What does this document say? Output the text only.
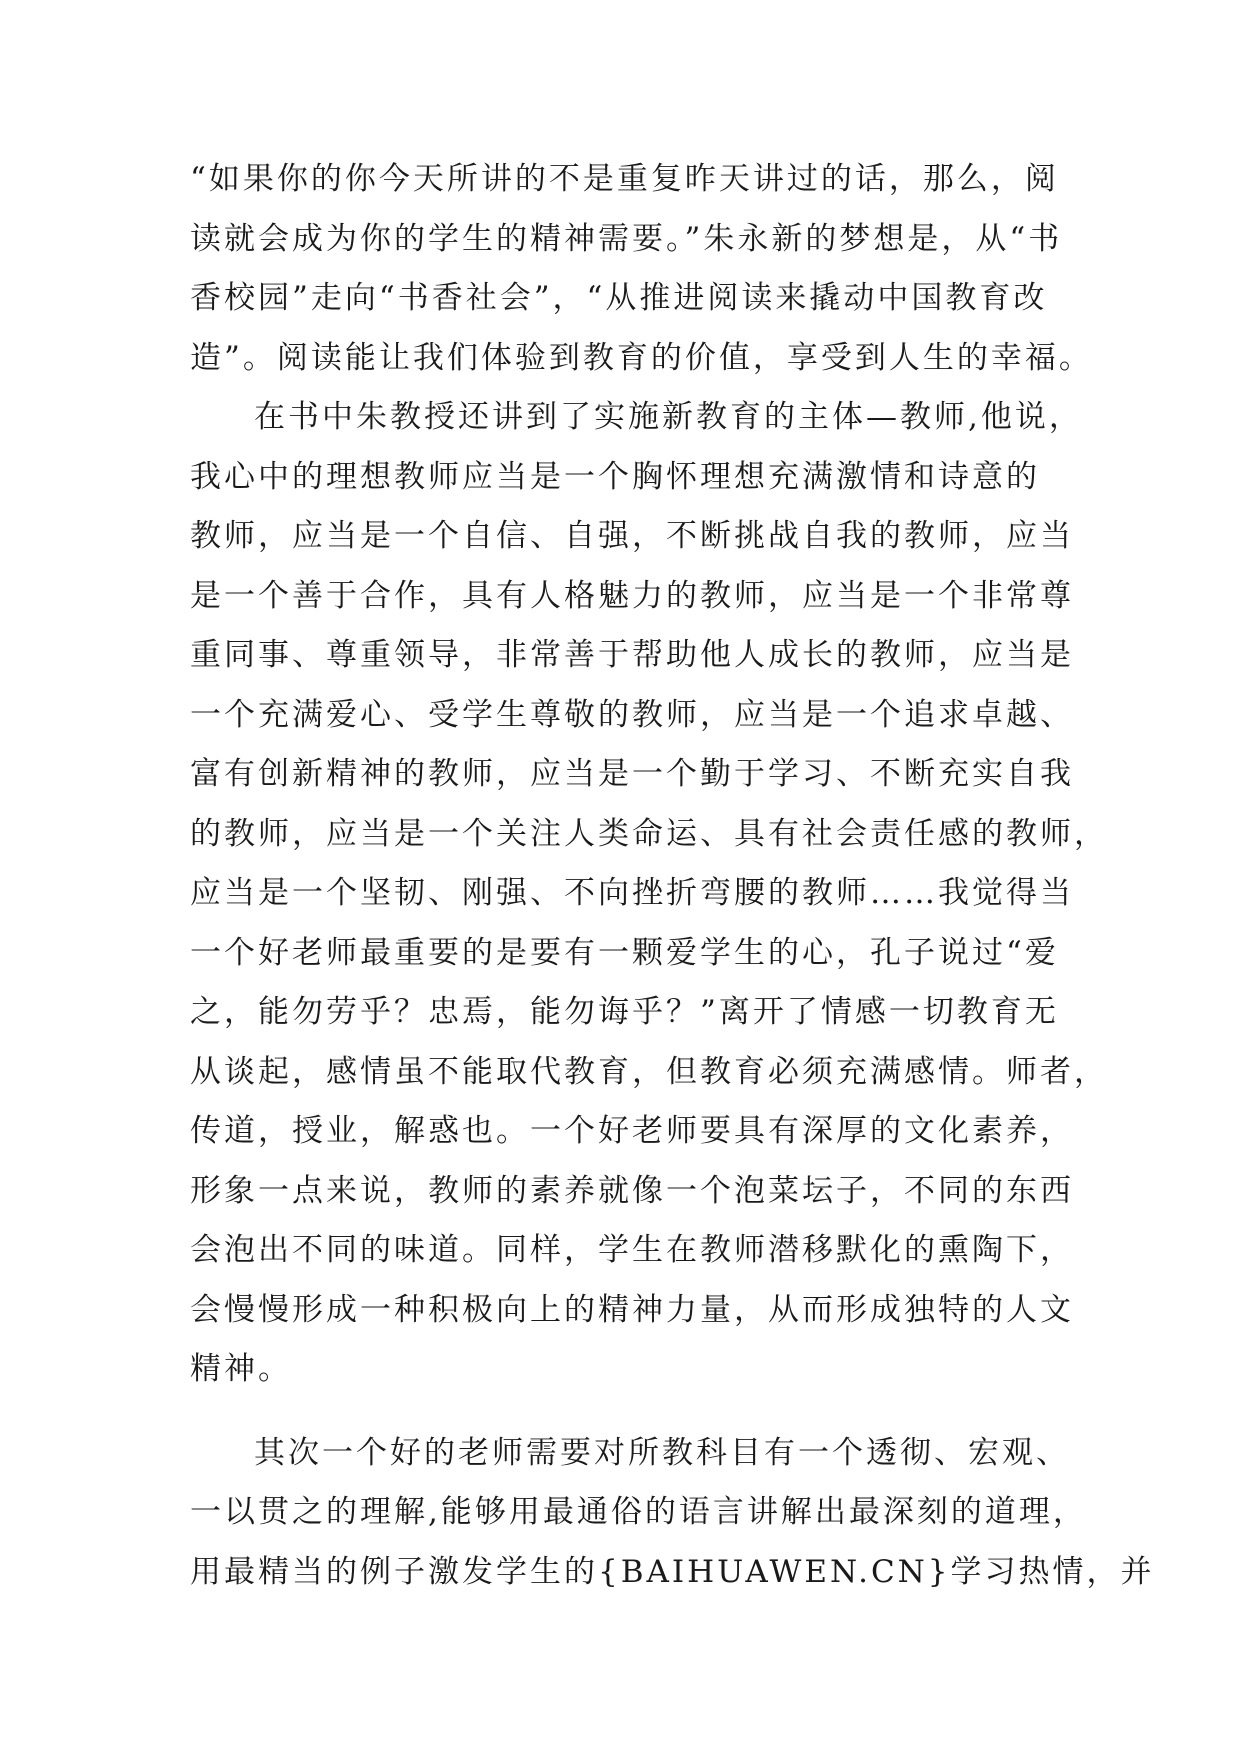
“如果你的你今天所讲的不是重复昨天讲过的话，那么，阅
读就会成为你的学生的精神需要。”朱永新的梦想是，从“书
香校园”走向“书香社会”，“从推进阅读来撬动中国教育改
造”。阅读能让我们体验到教育的价值，享受到人生的幸福。
在书中朱教授还讲到了实施新教育的主体—教师,他说，
我心中的理想教师应当是一个胸怀理想充满激情和诗意的
教师，应当是一个自信、自强，不断挑战自我的教师，应当
是一个善于合作，具有人格魅力的教师，应当是一个非常尊
重同事、尊重领导，非常善于帮助他人成长的教师，应当是
一个充满爱心、受学生尊敬的教师，应当是一个追求卓越、
富有创新精神的教师，应当是一个勤于学习、不断充实自我
的教师，应当是一个关注人类命运、具有社会责任感的教师，
应当是一个坚韧、刚强、不向挫折弯腰的教师……我觉得当
一个好老师最重要的是要有一颗爱学生的心，孔子说过“爱
之，能勿劳乎？忠焉，能勿诲乎？”离开了情感一切教育无
从谈起，感情虽不能取代教育，但教育必须充满感情。师者，
传道，授业，解惑也。一个好老师要具有深厚的文化素养，
形象一点来说，教师的素养就像一个泡菜坛子，不同的东西
会泡出不同的味道。同样，学生在教师潜移默化的熏陶下，
会慢慢形成一种积极向上的精神力量，从而形成独特的人文
精神。
其次一个好的老师需要对所教科目有一个透彻、宏观、
一以贯之的理解,能够用最通俗的语言讲解出最深刻的道理，
用最精当的例子激发学生的{BAIHUAWEN.CN}学习热情，并
